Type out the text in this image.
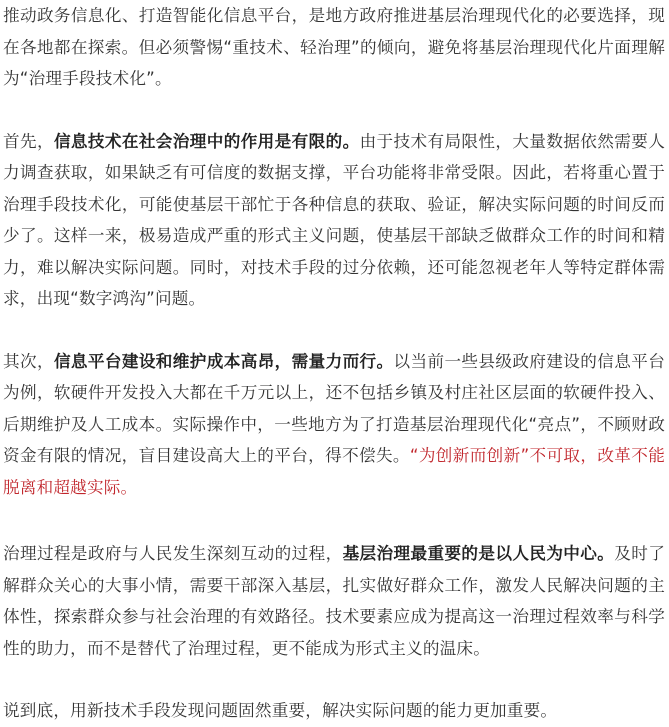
推动政务信息化、打造智能化信息平台，是地方政府推进基层治理现代化的必要选择，现在各地都在探索。但必须警惕“重技术、轻治理”的倾向，避免将基层治理现代化片面理解为“治理手段技术化”。

首先，信息技术在社会治理中的作用是有限的。由于技术有局限性，大量数据依然需要人力调查获取，如果缺乏有可信度的数据支撑，平台功能将非常受限。因此，若将重心置于治理手段技术化，可能使基层干部忙于各种信息的获取、验证，解决实际问题的时间反而少了。这样一来，极易造成严重的形式主义问题，使基层干部缺乏做群众工作的时间和精力，难以解决实际问题。同时，对技术手段的过分依赖，还可能忽视老年人等特定群体需求，出现“数字鸿沟”问题。

其次，信息平台建设和维护成本高昂，需量力而行。以当前一些县级政府建设的信息平台为例，软硬件开发投入大都在千万元以上，还不包括乡镇及村庄社区层面的软硬件投入、后期维护及人工成本。实际操作中，一些地方为了打造基层治理现代化“亮点”，不顾财政资金有限的情况，盲目建设高大上的平台，得不偿失。“为创新而创新”不可取，改革不能脱离和超越实际。

治理过程是政府与人民发生深刻互动的过程，基层治理最重要的是以人民为中心。及时了解群众关心的大事小情，需要干部深入基层，扎实做好群众工作，激发人民解决问题的主体性，探索群众参与社会治理的有效路径。技术要素应成为提高这一治理过程效率与科学性的助力，而不是替代了治理过程，更不能成为形式主义的温床。

说到底，用新技术手段发现问题固然重要，解决实际问题的能力更加重要。
